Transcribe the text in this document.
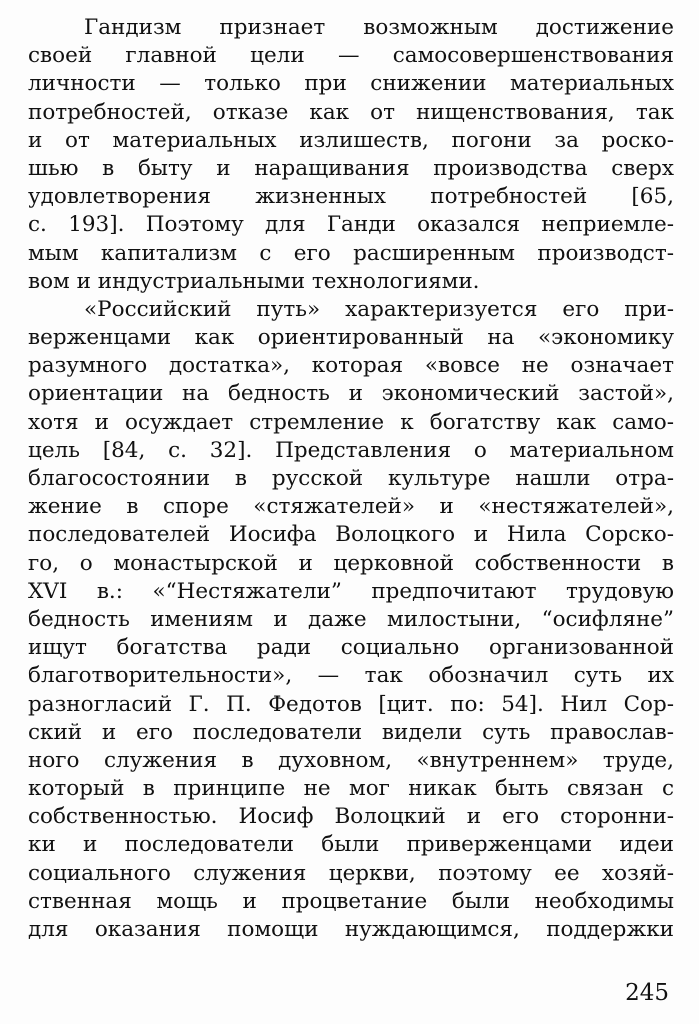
Гандизм признает возможным достижение
своей главной цели — самосовершенствования
личности — только при снижении материальных
потребностей, отказе как от нищенствования, так
и от материальных излишеств, погони за роско-
шью в быту и наращивания производства сверх
удовлетворения жизненных потребностей [65,
с. 193]. Поэтому для Ганди оказался неприемле-
мым капитализм с его расширенным производст-
вом и индустриальными технологиями.
«Российский путь» характеризуется его при-
верженцами как ориентированный на «экономику
разумного достатка», которая «вовсе не означает
ориентации на бедность и экономический застой»,
хотя и осуждает стремление к богатству как само-
цель [84, с. 32]. Представления о материальном
благосостоянии в русской культуре нашли отра-
жение в споре «стяжателей» и «нестяжателей»,
последователей Иосифа Волоцкого и Нила Сорско-
го, о монастырской и церковной собственности в
XVI в.: «“Нестяжатели” предпочитают трудовую
бедность имениям и даже милостыни, “осифляне”
ищут богатства ради социально организованной
благотворительности», — так обозначил суть их
разногласий Г. П. Федотов [цит. по: 54]. Нил Сор-
ский и его последователи видели суть православ-
ного служения в духовном, «внутреннем» труде,
который в принципе не мог никак быть связан с
собственностью. Иосиф Волоцкий и его сторонни-
ки и последователи были приверженцами идеи
социального служения церкви, поэтому ее хозяй-
ственная мощь и процветание были необходимы
для оказания помощи нуждающимся, поддержки
245
